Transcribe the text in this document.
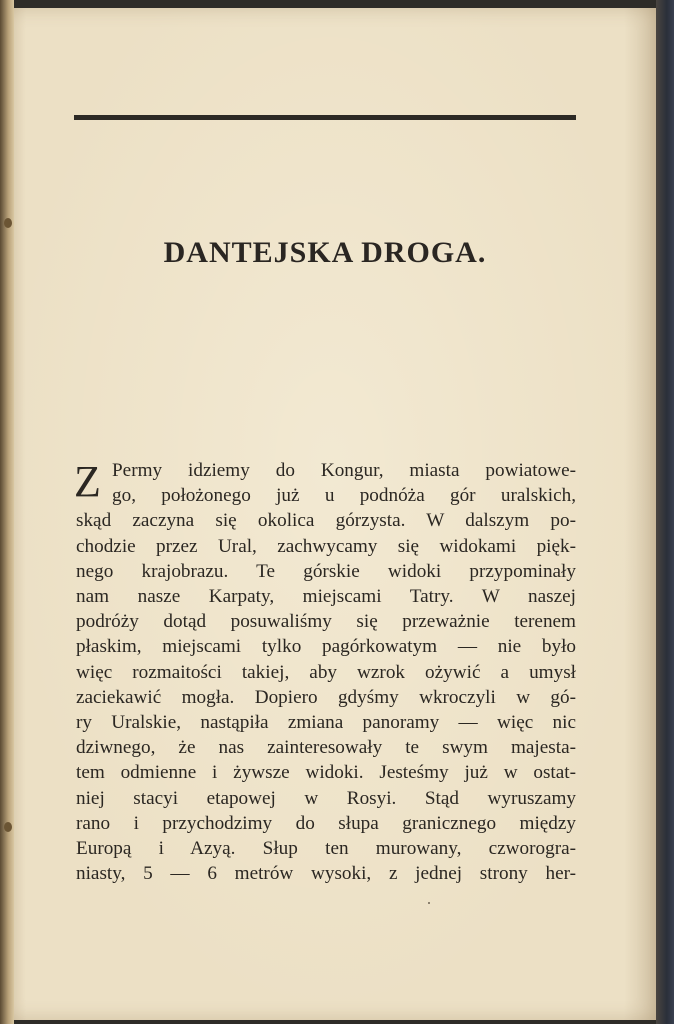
DANTEJSKA DROGA.
Z Permy idziemy do Kongur, miasta powiatowe-
go, położonego już u podnóża gór uralskich,
skąd zaczyna się okolica górzysta. W dalszym po-
chodzie przez Ural, zachwycamy się widokami pięk-
nego krajobrazu. Te górskie widoki przypominały
nam nasze Karpaty, miejscami Tatry. W naszej
podróży dotąd posuwaliśmy się przeważnie terenem
płaskim, miejscami tylko pagórkowatym — nie było
więc rozmaitości takiej, aby wzrok ożywić a umysł
zaciekawić mogła. Dopiero gdyśmy wkroczyli w gó-
ry Uralskie, nastąpiła zmiana panoramy — więc nic
dziwnego, że nas zainteresowały te swym majesta-
tem odmienne i żywsze widoki. Jesteśmy już w ostat-
niej stacyi etapowej w Rosyi. Stąd wyruszamy
rano i przychodzimy do słupa granicznego między
Europą i Azyą. Słup ten murowany, czworogra-
niasty, 5 — 6 metrów wysoki, z jednej strony her-
